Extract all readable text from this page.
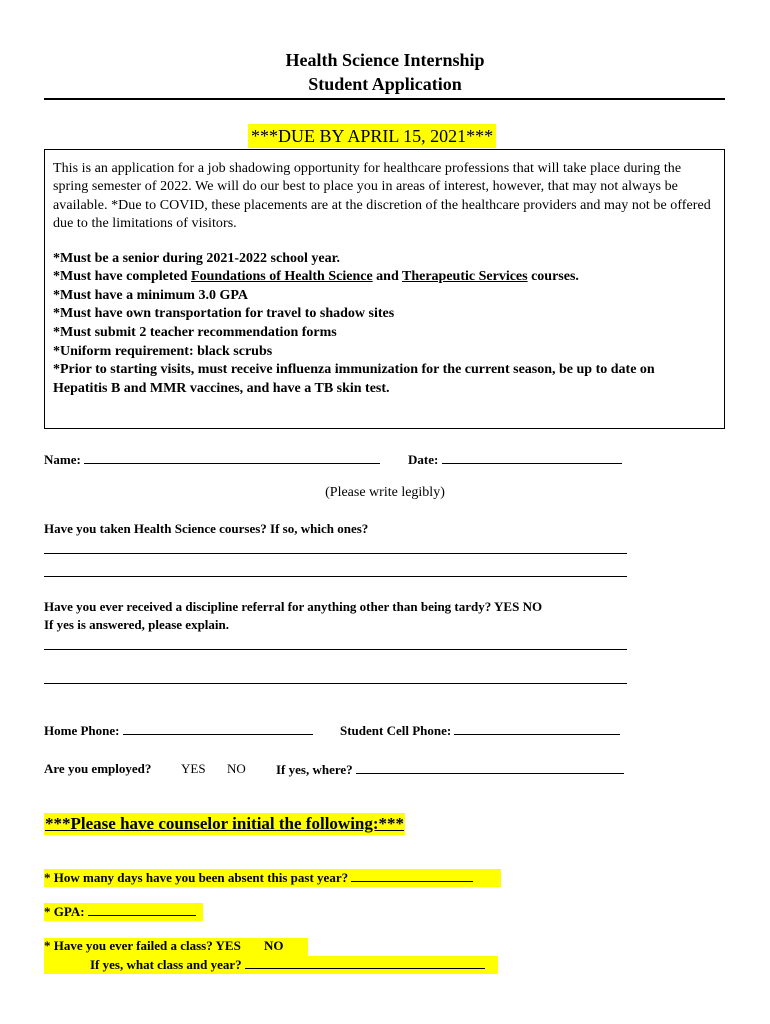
Health Science Internship
Student Application
***DUE BY APRIL 15, 2021***

This is an application for a job shadowing opportunity for healthcare professions that will take place during the spring semester of 2022. We will do our best to place you in areas of interest, however, that may not always be available. *Due to COVID, these placements are at the discretion of the healthcare providers and may not be offered due to the limitations of visitors.

*Must be a senior during 2021-2022 school year.
*Must have completed Foundations of Health Science and Therapeutic Services courses.
*Must have a minimum 3.0 GPA
*Must have own transportation for travel to shadow sites
*Must submit 2 teacher recommendation forms
*Uniform requirement: black scrubs
*Prior to starting visits, must receive influenza immunization for the current season, be up to date on
Hepatitis B and MMR vaccines, and have a TB skin test.
Name:	Date:
(Please write legibly)
Have you taken Health Science courses? If so, which ones?
Have you ever received a discipline referral for anything other than being tardy? YES NO
If yes is answered, please explain.
Home Phone:	Student Cell Phone:
Are you employed? YES NO If yes, where?
***Please have counselor initial the following:***
* How many days have you been absent this past year?
* GPA:
* Have you ever failed a class? YES NO
If yes, what class and year?
